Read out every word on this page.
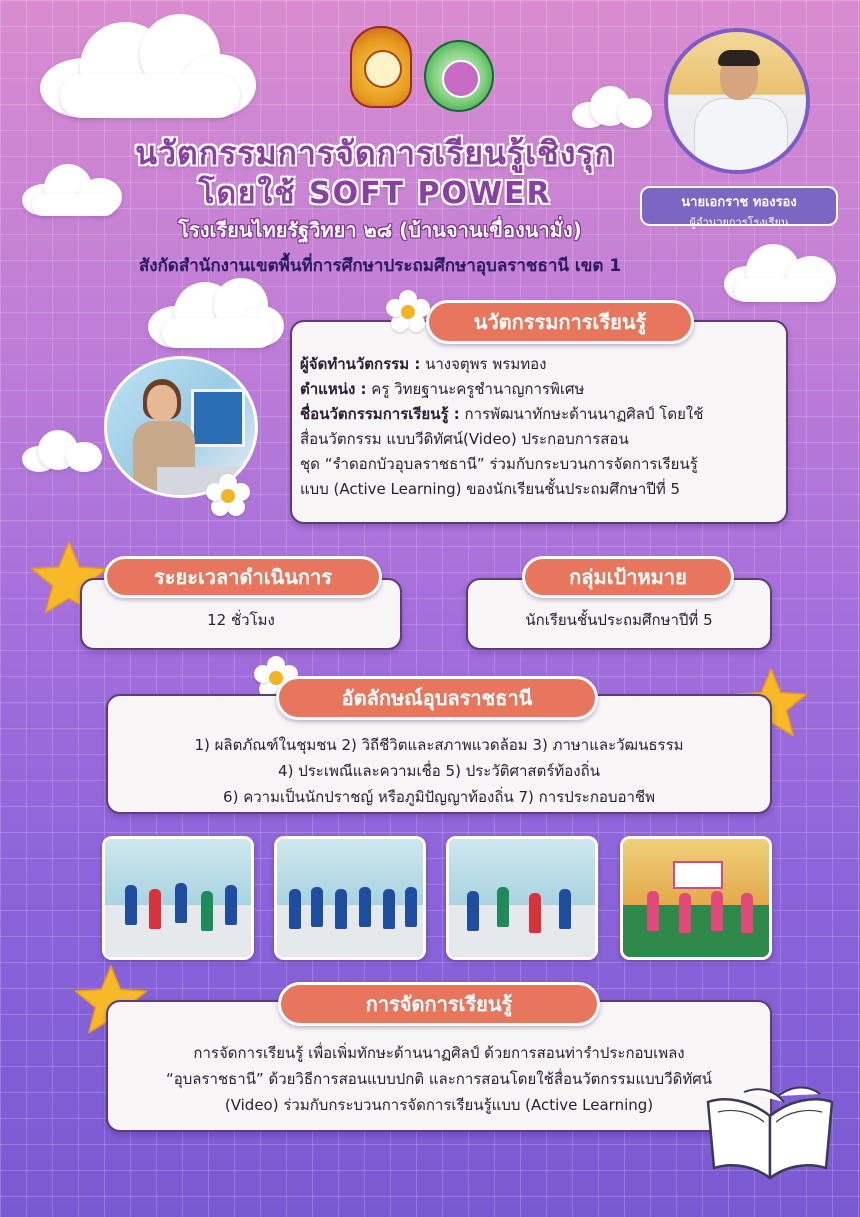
นวัตกรรมการจัดการเรียนรู้เชิงรุก
โดยใช้ SOFT POWER
โรงเรียนไทยรัฐวิทยา ๒๘ (บ้านจานเขื่องนามั่ง)
สังกัดสำนักงานเขตพื้นที่การศึกษาประถมศึกษาอุบลราชธานี เขต 1
นายเอกราช ทองรอง
ผู้อำนวยการโรงเรียน
นวัตกรรมการเรียนรู้
ผู้จัดทำนวัตกรรม : นางจตุพร พรมทอง
ตำแหน่ง : ครู วิทยฐานะครูชำนาญการพิเศษ
ชื่อนวัตกรรมการเรียนรู้ : การพัฒนาทักษะด้านนาฏศิลป์ โดยใช้
สื่อนวัตกรรม แบบวีดิทัศน์(Video) ประกอบการสอน
ชุด “รำดอกบัวอุบลราชธานี” ร่วมกับกระบวนการจัดการเรียนรู้
แบบ (Active Learning) ของนักเรียนชั้นประถมศึกษาปีที่ 5
ระยะเวลาดำเนินการ
12 ชั่วโมง
กลุ่มเป้าหมาย
นักเรียนชั้นประถมศึกษาปีที่ 5
อัตลักษณ์อุบลราชธานี
1) ผลิตภัณฑ์ในชุมชน 2) วิถีชีวิตและสภาพแวดล้อม 3) ภาษาและวัฒนธรรม
4) ประเพณีและความเชื่อ 5) ประวัติศาสตร์ท้องถิ่น
6) ความเป็นนักปราชญ์ หรือภูมิปัญญาท้องถิ่น 7) การประกอบอาชีพ
การจัดการเรียนรู้
การจัดการเรียนรู้ เพื่อเพิ่มทักษะด้านนาฏศิลป์ ด้วยการสอนท่ารำประกอบเพลง
“อุบลราชธานี” ด้วยวิธีการสอนแบบปกติ และการสอนโดยใช้สื่อนวัตกรรมแบบวีดิทัศน์
(Video) ร่วมกับกระบวนการจัดการเรียนรู้แบบ (Active Learning)
